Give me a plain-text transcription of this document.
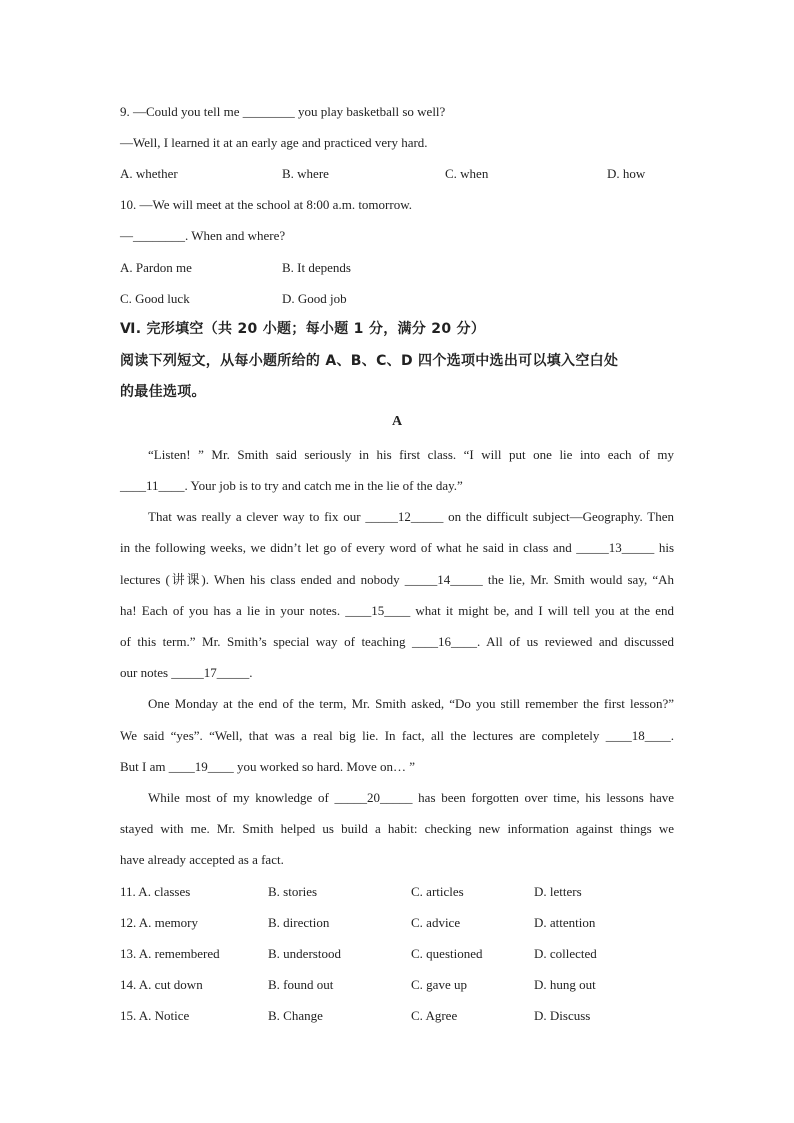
9. —Could you tell me ________ you play basketball so well?
—Well, I learned it at an early age and practiced very hard.
A. whether	B. where	C. when	D. how
10. —We will meet at the school at 8:00 a.m. tomorrow.
—________. When and where?
A. Pardon me	B. It depends
C. Good luck	D. Good job
Ⅵ. 完形填空（共 20 小题；每小题 1 分，满分 20 分）
阅读下列短文，从每小题所给的 A、B、C、D 四个选项中选出可以填入空白处
的最佳选项。
A
“Listen! ” Mr. Smith said seriously in his first class. “I will put one lie into each of my
____11____. Your job is to try and catch me in the lie of the day.”
That was really a clever way to fix our _____12_____ on the difficult subject—Geography. Then
in the following weeks, we didn’t let go of every word of what he said in class and _____13_____ his
lectures (讲课). When his class ended and nobody _____14_____ the lie, Mr. Smith would say, “Ah
ha! Each of you has a lie in your notes. ____15____ what it might be, and I will tell you at the end
of this term.” Mr. Smith’s special way of teaching ____16____. All of us reviewed and discussed
our notes _____17_____.
One Monday at the end of the term, Mr. Smith asked, “Do you still remember the first lesson?”
We said “yes”. “Well, that was a real big lie. In fact, all the lectures are completely ____18____.
But I am ____19____ you worked so hard. Move on… ”
While most of my knowledge of _____20_____ has been forgotten over time, his lessons have
stayed with me. Mr. Smith helped us build a habit: checking new information against things we
have already accepted as a fact.
11. A. classes	B. stories	C. articles	D. letters
12. A. memory	B. direction	C. advice	D. attention
13. A. remembered	B. understood	C. questioned	D. collected
14. A. cut down	B. found out	C. gave up	D. hung out
15. A. Notice	B. Change	C. Agree	D. Discuss
